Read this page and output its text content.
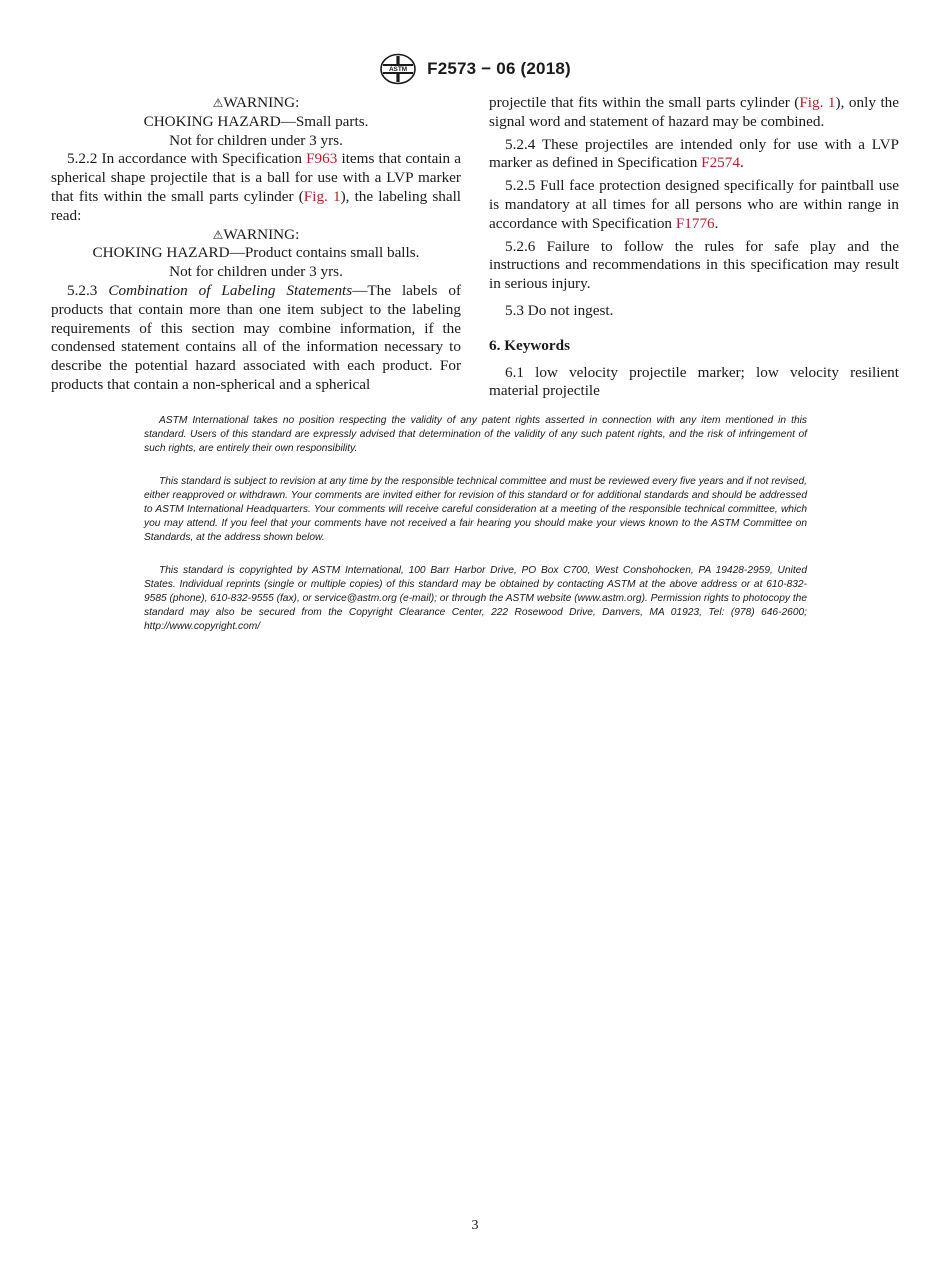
ASTM F2573 − 06 (2018)

⚠WARNING:

CHOKING HAZARD—Small parts.

Not for children under 3 yrs.

5.2.2 In accordance with Specification F963 items that contain a spherical shape projectile that is a ball for use with a LVP marker that fits within the small parts cylinder (Fig. 1), the labeling shall read:

⚠WARNING:

CHOKING HAZARD—Product contains small balls.

Not for children under 3 yrs.

5.2.3 Combination of Labeling Statements—The labels of products that contain more than one item subject to the labeling requirements of this section may combine information, if the condensed statement contains all of the information necessary to describe the potential hazard associated with each product. For products that contain a non-spherical and a spherical

projectile that fits within the small parts cylinder (Fig. 1), only the signal word and statement of hazard may be combined.

5.2.4 These projectiles are intended only for use with a LVP marker as defined in Specification F2574.

5.2.5 Full face protection designed specifically for paintball use is mandatory at all times for all persons who are within range in accordance with Specification F1776.

5.2.6 Failure to follow the rules for safe play and the instructions and recommendations in this specification may result in serious injury.

5.3 Do not ingest.

6. Keywords

6.1 low velocity projectile marker; low velocity resilient material projectile

ASTM International takes no position respecting the validity of any patent rights asserted in connection with any item mentioned in this standard. Users of this standard are expressly advised that determination of the validity of any such patent rights, and the risk of infringement of such rights, are entirely their own responsibility.

This standard is subject to revision at any time by the responsible technical committee and must be reviewed every five years and if not revised, either reapproved or withdrawn. Your comments are invited either for revision of this standard or for additional standards and should be addressed to ASTM International Headquarters. Your comments will receive careful consideration at a meeting of the responsible technical committee, which you may attend. If you feel that your comments have not received a fair hearing you should make your views known to the ASTM Committee on Standards, at the address shown below.

This standard is copyrighted by ASTM International, 100 Barr Harbor Drive, PO Box C700, West Conshohocken, PA 19428-2959, United States. Individual reprints (single or multiple copies) of this standard may be obtained by contacting ASTM at the above address or at 610-832-9585 (phone), 610-832-9555 (fax), or service@astm.org (e-mail); or through the ASTM website (www.astm.org). Permission rights to photocopy the standard may also be secured from the Copyright Clearance Center, 222 Rosewood Drive, Danvers, MA 01923, Tel: (978) 646-2600; http://www.copyright.com/

3
